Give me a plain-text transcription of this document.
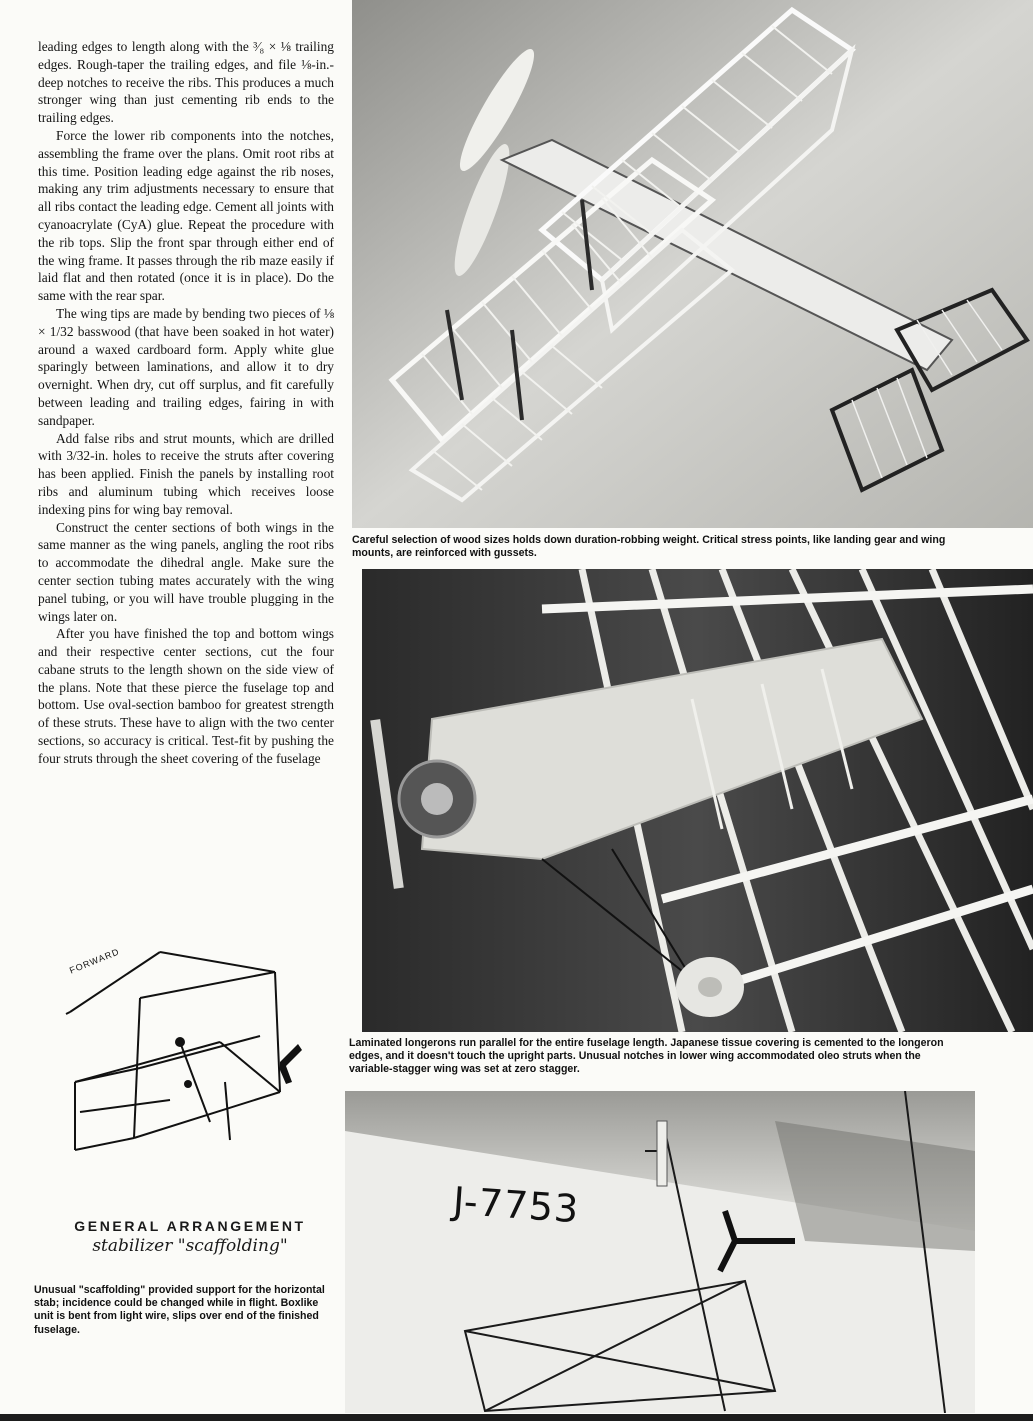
leading edges to length along with the ³⁄₈ × ⅛ trailing edges. Rough-taper the trailing edges, and file ⅛-in.-deep notches to receive the ribs. This produces a much stronger wing than just cementing rib ends to the trailing edges.

Force the lower rib components into the notches, assembling the frame over the plans. Omit root ribs at this time. Position leading edge against the rib noses, making any trim adjustments necessary to ensure that all ribs contact the leading edge. Cement all joints with cyanoacrylate (CyA) glue. Repeat the procedure with the rib tops. Slip the front spar through either end of the wing frame. It passes through the rib maze easily if laid flat and then rotated (once it is in place). Do the same with the rear spar.

The wing tips are made by bending two pieces of ⅛ × 1/32 basswood (that have been soaked in hot water) around a waxed cardboard form. Apply white glue sparingly between laminations, and allow it to dry overnight. When dry, cut off surplus, and fit carefully between leading and trailing edges, fairing in with sandpaper.

Add false ribs and strut mounts, which are drilled with 3/32-in. holes to receive the struts after covering has been applied. Finish the panels by installing root ribs and aluminum tubing which receives loose indexing pins for wing bay removal.

Construct the center sections of both wings in the same manner as the wing panels, angling the root ribs to accommodate the dihedral angle. Make sure the center section tubing mates accurately with the wing panel tubing, or you will have trouble plugging in the wings later on.

After you have finished the top and bottom wings and their respective center sections, cut the four cabane struts to the length shown on the side view of the plans. Note that these pierce the fuselage top and bottom. Use oval-section bamboo for greatest strength of these struts. These have to align with the two center sections, so accuracy is critical. Test-fit by pushing the four struts through the sheet covering of the fuselage

Careful selection of wood sizes holds down duration-robbing weight. Critical stress points, like landing gear and wing mounts, are reinforced with gussets.
Laminated longerons run parallel for the entire fuselage length. Japanese tissue covering is cemented to the longeron edges, and it doesn't touch the upright parts. Unusual notches in lower wing accommodated oleo struts when the variable-stagger wing was set at zero stagger.
J-7753
FORWARD
GENERAL ARRANGEMENT
stabilizer "scaffolding"
Unusual "scaffolding" provided support for the horizontal stab; incidence could be changed while in flight. Boxlike unit is bent from light wire, slips over end of the finished fuselage.
